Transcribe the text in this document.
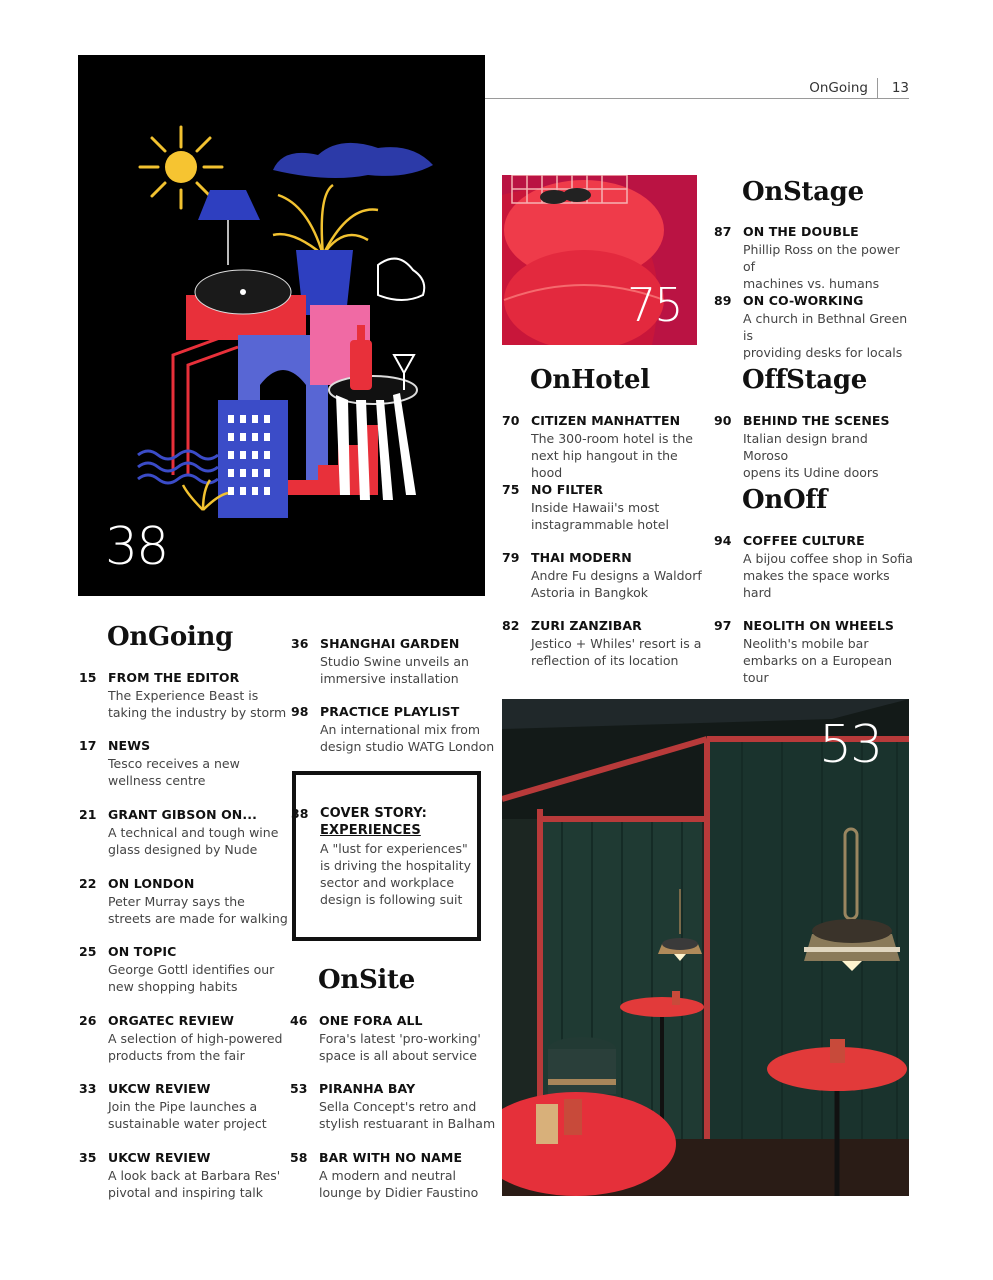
OnGoing	13
38
75
53
OnGoing
15 FROM THE EDITOR
The Experience Beast is
taking the industry by storm
17 NEWS
Tesco receives a new
wellness centre
21 GRANT GIBSON ON...
A technical and tough wine
glass designed by Nude
22 ON LONDON
Peter Murray says the
streets are made for walking
25 ON TOPIC
George Gottl identifies our
new shopping habits
26 ORGATEC REVIEW
A selection of high-powered
products from the fair
33 UKCW REVIEW
Join the Pipe launches a
sustainable water project
35 UKCW REVIEW
A look back at Barbara Res'
pivotal and inspiring talk
36 SHANGHAI GARDEN
Studio Swine unveils an
immersive installation
98 PRACTICE PLAYLIST
An international mix from
design studio WATG London
38 COVER STORY:
EXPERIENCES
A "lust for experiences"
is driving the hospitality
sector and workplace
design is following suit
OnSite
46 ONE FORA ALL
Fora's latest 'pro-working'
space is all about service
53 PIRANHA BAY
Sella Concept's retro and
stylish restuarant in Balham
58 BAR WITH NO NAME
A modern and neutral
lounge by Didier Faustino
OnHotel
70 CITIZEN MANHATTEN
The 300-room hotel is the
next hip hangout in the hood
75 NO FILTER
Inside Hawaii's most
instagrammable hotel
79 THAI MODERN
Andre Fu designs a Waldorf
Astoria in Bangkok
82 ZURI ZANZIBAR
Jestico + Whiles' resort is a
reflection of its location
OnStage
87 ON THE DOUBLE
Phillip Ross on the power of
machines vs. humans
89 ON CO-WORKING
A church in Bethnal Green is
providing desks for locals
OffStage
90 BEHIND THE SCENES
Italian design brand Moroso
opens its Udine doors
OnOff
94 COFFEE CULTURE
A bijou coffee shop in Sofia
makes the space works hard
97 NEOLITH ON WHEELS
Neolith's mobile bar
embarks on a European tour
